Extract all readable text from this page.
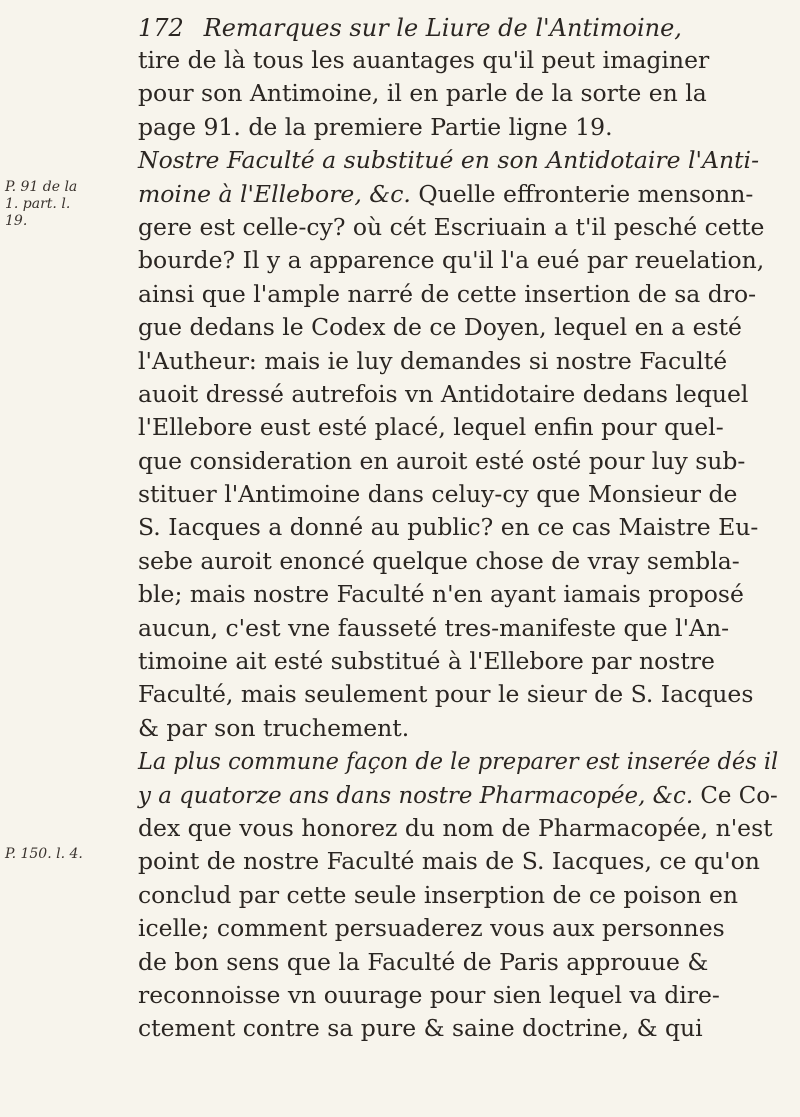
172 Remarques sur le Liure de l'Antimoine,
P. 91 de la
1. part. l.
19.
P. 150. l. 4.
tire de là tous les auantages qu'il peut imaginer
pour son Antimoine, il en parle de la sorte en la
page 91. de la premiere Partie ligne 19.
Nostre Faculté a substitué en son Antidotaire l'Anti-
moine à l'Ellebore, &c. Quelle effronterie mensonn-
gere est celle-cy? où cét Escriuain a t'il pesché cette
bourde? Il y a apparence qu'il l'a eué par reuelation,
ainsi que l'ample narré de cette insertion de sa dro-
gue dedans le Codex de ce Doyen, lequel en a esté
l'Autheur: mais ie luy demandes si nostre Faculté
auoit dressé autrefois vn Antidotaire dedans lequel
l'Ellebore eust esté placé, lequel enfin pour quel-
que consideration en auroit esté osté pour luy sub-
stituer l'Antimoine dans celuy-cy que Monsieur de
S. Iacques a donné au public? en ce cas Maistre Eu-
sebe auroit enoncé quelque chose de vray sembla-
ble; mais nostre Faculté n'en ayant iamais proposé
aucun, c'est vne fausseté tres-manifeste que l'An-
timoine ait esté substitué à l'Ellebore par nostre
Faculté, mais seulement pour le sieur de S. Iacques
& par son truchement.
La plus commune façon de le preparer est inserée dés il
y a quatorze ans dans nostre Pharmacopée, &c. Ce Co-
dex que vous honorez du nom de Pharmacopée, n'est
point de nostre Faculté mais de S. Iacques, ce qu'on
conclud par cette seule inserption de ce poison en
icelle; comment persuaderez vous aux personnes
de bon sens que la Faculté de Paris approuue &
reconnoisse vn ouurage pour sien lequel va dire-
ctement contre sa pure & saine doctrine, & qui
